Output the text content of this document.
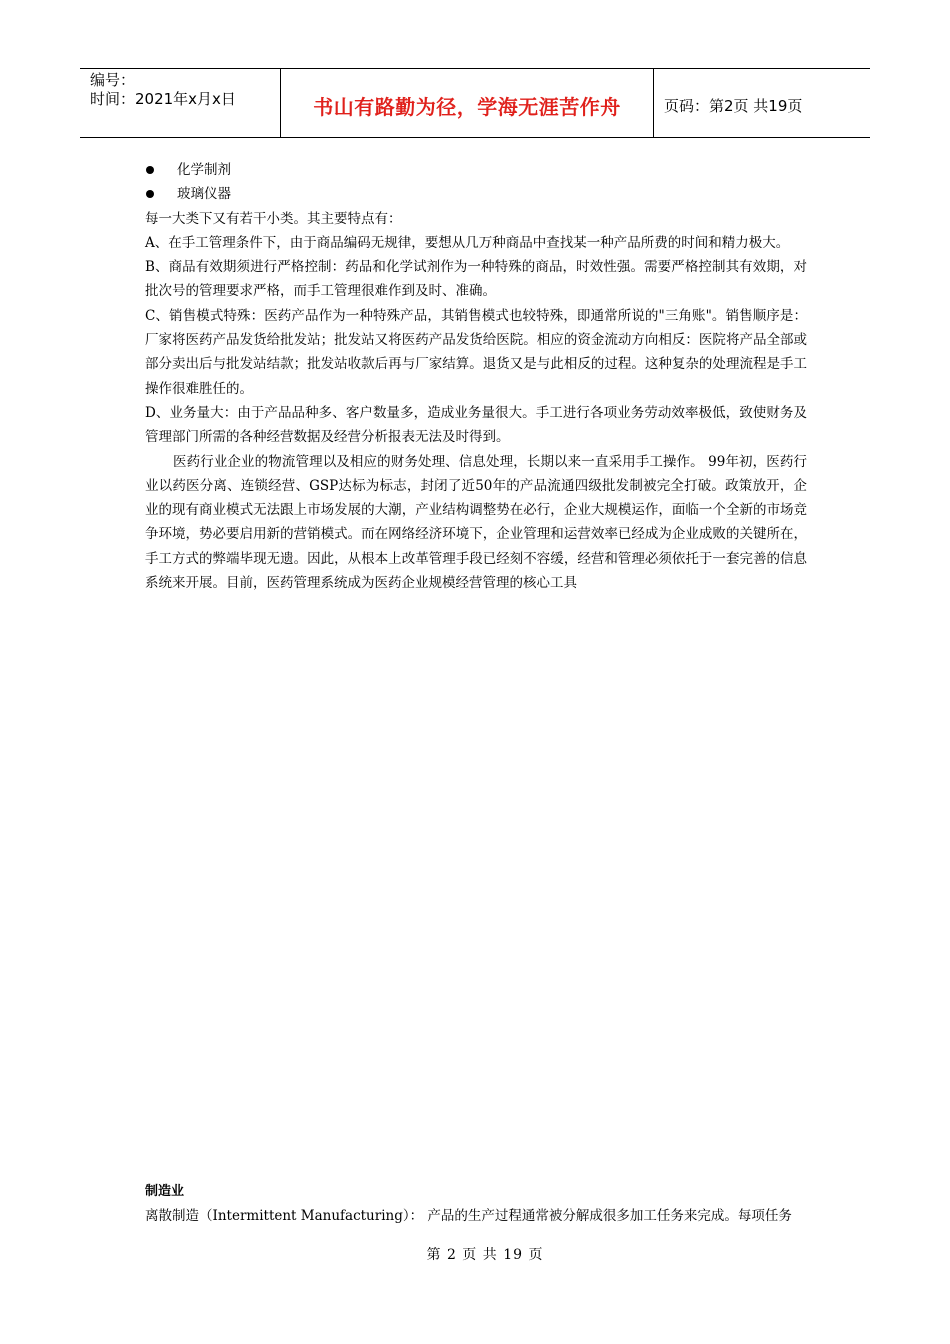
编号：
时间：2021年x月x日	书山有路勤为径，学海无涯苦作舟	页码：第2页 共19页
化学制剂
玻璃仪器

每一大类下又有若干小类。其主要特点有：

A、在手工管理条件下，由于商品编码无规律，要想从几万种商品中查找某一种产品所费的时间和精力极大。

B、商品有效期须进行严格控制：药品和化学试剂作为一种特殊的商品，时效性强。需要严格控制其有效期，对批次号的管理要求严格，而手工管理很难作到及时、准确。

C、销售模式特殊：医药产品作为一种特殊产品，其销售模式也较特殊，即通常所说的"三角账"。销售顺序是：厂家将医药产品发货给批发站；批发站又将医药产品发货给医院。相应的资金流动方向相反：医院将产品全部或部分卖出后与批发站结款；批发站收款后再与厂家结算。退货又是与此相反的过程。这种复杂的处理流程是手工操作很难胜任的。

D、业务量大：由于产品品种多、客户数量多，造成业务量很大。手工进行各项业务劳动效率极低，致使财务及管理部门所需的各种经营数据及经营分析报表无法及时得到。

医药行业企业的物流管理以及相应的财务处理、信息处理，长期以来一直采用手工操作。 99年初，医药行业以药医分离、连锁经营、GSP达标为标志，封闭了近50年的产品流通四级批发制被完全打破。政策放开，企业的现有商业模式无法跟上市场发展的大潮，产业结构调整势在必行，企业大规模运作，面临一个全新的市场竞争环境，势必要启用新的营销模式。而在网络经济环境下，企业管理和运营效率已经成为企业成败的关键所在，手工方式的弊端毕现无遗。因此，从根本上改革管理手段已经刻不容缓，经营和管理必须依托于一套完善的信息系统来开展。目前，医药管理系统成为医药企业规模经营管理的核心工具

制造业
离散制造（Intermittent Manufacturing）： 产品的生产过程通常被分解成很多加工任务来完成。每项任务
第 2 页 共 19 页
